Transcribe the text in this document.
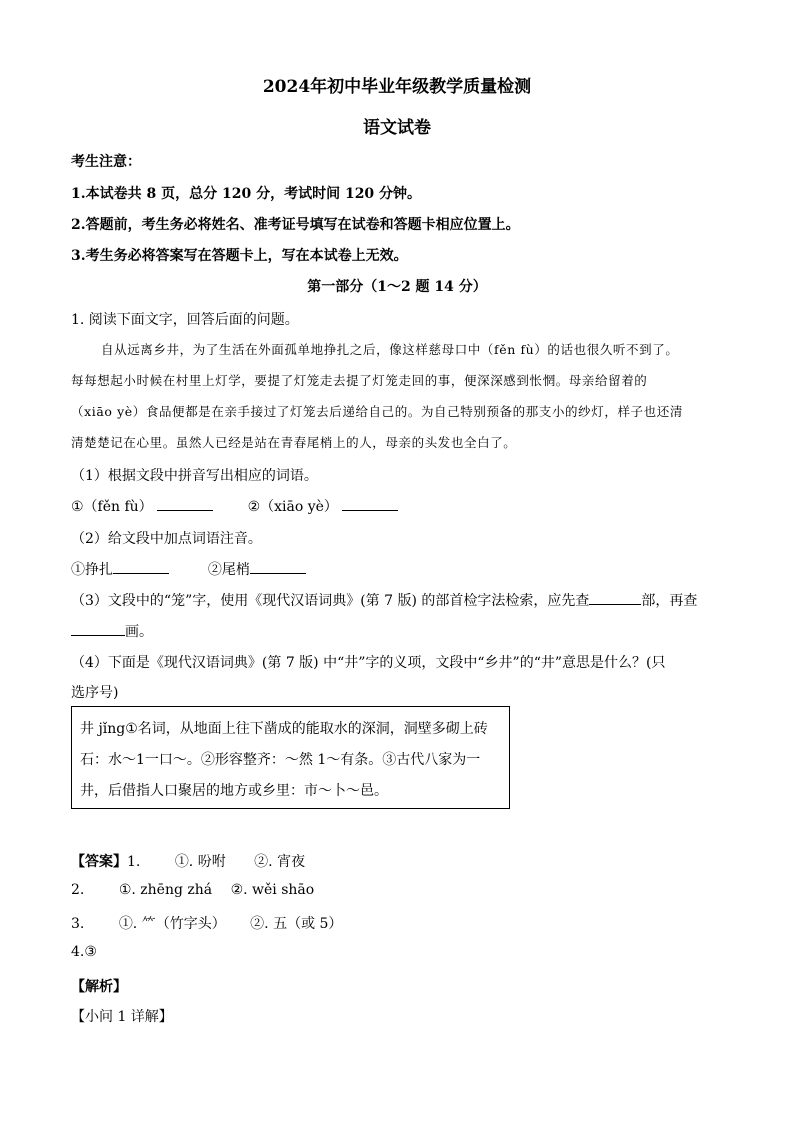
2024年初中毕业年级教学质量检测
语文试卷
考生注意：
1.本试卷共 8 页，总分 120 分，考试时间 120 分钟。
2.答题前，考生务必将姓名、准考证号填写在试卷和答题卡相应位置上。
3.考生务必将答案写在答题卡上，写在本试卷上无效。
第一部分（1～2 题 14 分）
1. 阅读下面文字，回答后面的问题。
自从远离乡井，为了生活在外面孤单地挣扎之后，像这样慈母口中（fěn fù）的话也很久听不到了。
每每想起小时候在村里上灯学，要提了灯笼走去提了灯笼走回的事，便深深感到怅惘。母亲给留着的
（xiāo yè）食品便都是在亲手接过了灯笼去后递给自己的。为自己特别预备的那支小的纱灯，样子也还清
清楚楚记在心里。虽然人已经是站在青春尾梢上的人，母亲的头发也全白了。
（1）根据文段中拼音写出相应的词语。
①（fěn fù）	②（xiāo yè）
（2）给文段中加点词语注音。
①挣扎	②尾梢
（3）文段中的“笼”字，使用《现代汉语词典》(第 7 版) 的部首检字法检索，应先查	部，再查
画。
（4）下面是《现代汉语词典》(第 7 版) 中“井”字的义项，文段中“乡井”的“井”意思是什么？(只
选序号)
井 jǐng①名词，从地面上往下凿成的能取水的深洞，洞壁多砌上砖
石：水～1一口～。②形容整齐：～然 1～有条。③古代八家为一
井，后借指人口聚居的地方或乡里：市～卜～邑。
【答案】1. ①. 吩咐 ②. 宵夜
2. ①. zhēng zhá ②. wěi shāo
3. ①. ⺮（竹字头） ②. 五（或 5）
4.③
【解析】
【小问 1 详解】
